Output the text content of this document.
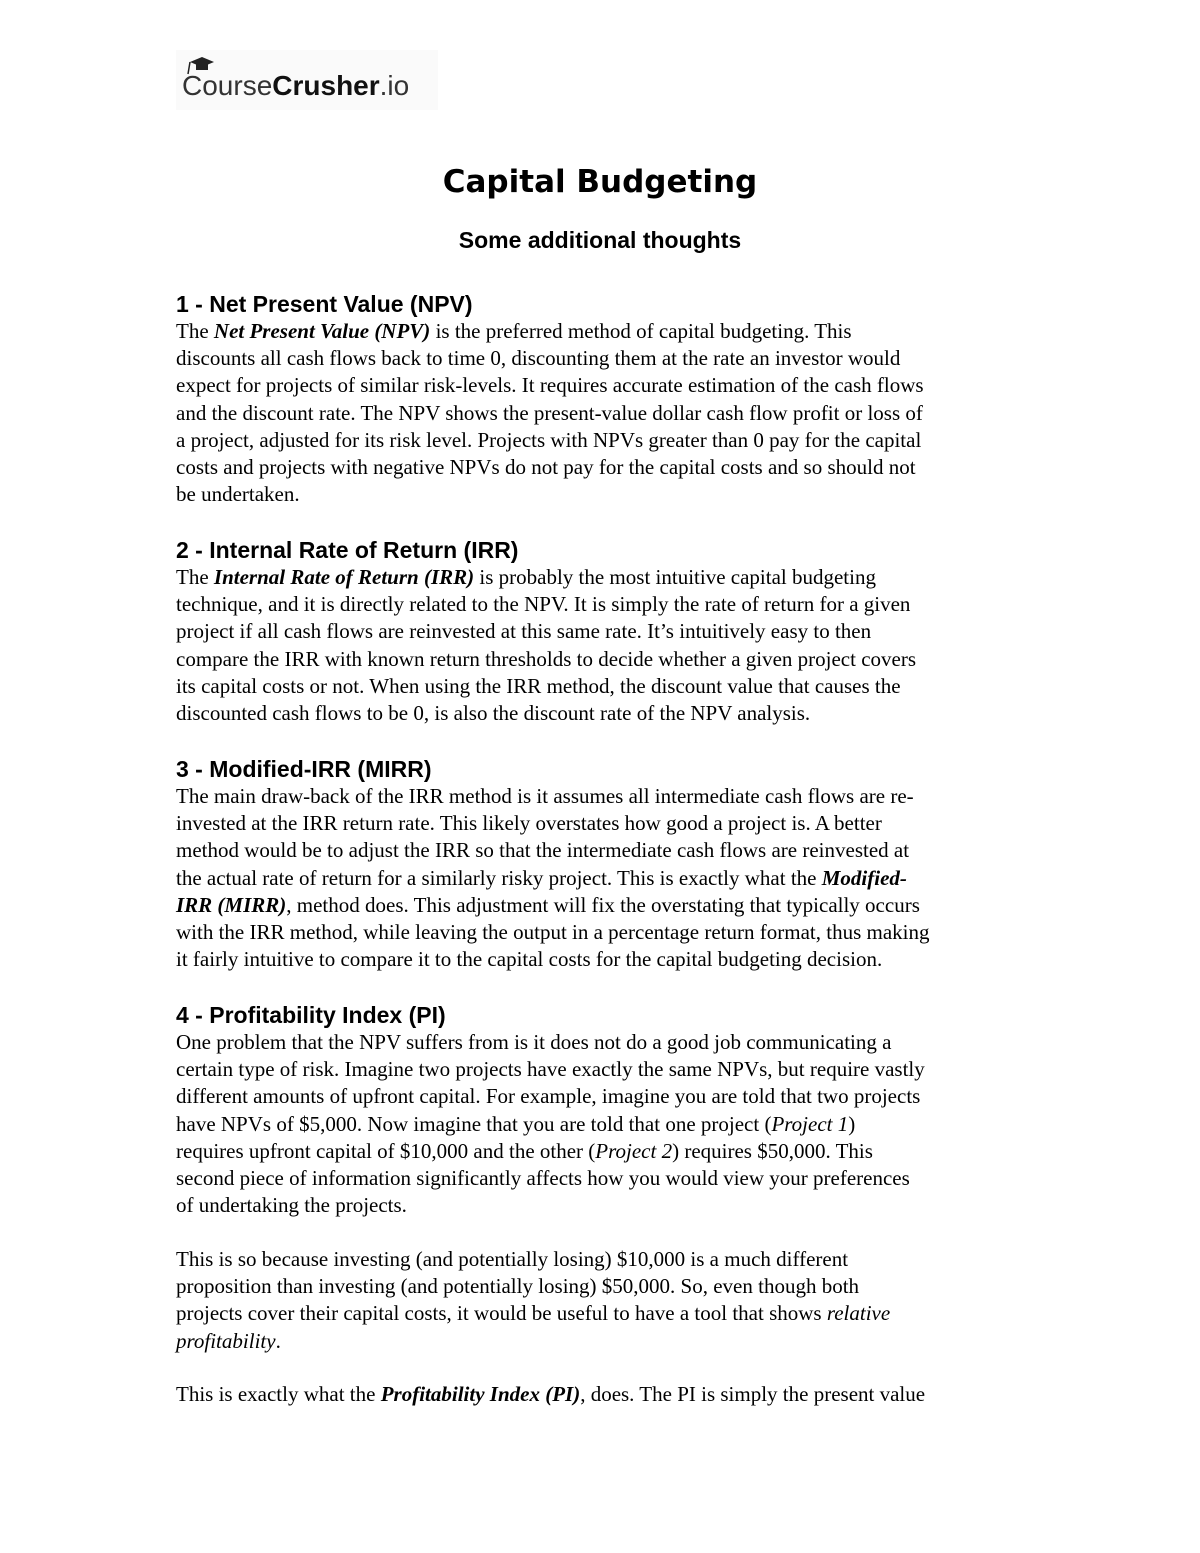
CourseCrusher.io
Capital Budgeting
Some additional thoughts
1 - Net Present Value (NPV)

The Net Present Value (NPV) is the preferred method of capital budgeting. This
discounts all cash flows back to time 0, discounting them at the rate an investor would
expect for projects of similar risk-levels. It requires accurate estimation of the cash flows
and the discount rate. The NPV shows the present-value dollar cash flow profit or loss of
a project, adjusted for its risk level. Projects with NPVs greater than 0 pay for the capital
costs and projects with negative NPVs do not pay for the capital costs and so should not
be undertaken.

2 - Internal Rate of Return (IRR)

The Internal Rate of Return (IRR) is probably the most intuitive capital budgeting
technique, and it is directly related to the NPV. It is simply the rate of return for a given
project if all cash flows are reinvested at this same rate. It’s intuitively easy to then
compare the IRR with known return thresholds to decide whether a given project covers
its capital costs or not. When using the IRR method, the discount value that causes the
discounted cash flows to be 0, is also the discount rate of the NPV analysis.

3 - Modified-IRR (MIRR)

The main draw-back of the IRR method is it assumes all intermediate cash flows are re-
invested at the IRR return rate. This likely overstates how good a project is. A better
method would be to adjust the IRR so that the intermediate cash flows are reinvested at
the actual rate of return for a similarly risky project. This is exactly what the Modified-
IRR (MIRR), method does. This adjustment will fix the overstating that typically occurs
with the IRR method, while leaving the output in a percentage return format, thus making
it fairly intuitive to compare it to the capital costs for the capital budgeting decision.

4 - Profitability Index (PI)

One problem that the NPV suffers from is it does not do a good job communicating a
certain type of risk. Imagine two projects have exactly the same NPVs, but require vastly
different amounts of upfront capital. For example, imagine you are told that two projects
have NPVs of $5,000. Now imagine that you are told that one project (Project 1)
requires upfront capital of $10,000 and the other (Project 2) requires $50,000. This
second piece of information significantly affects how you would view your preferences
of undertaking the projects.

This is so because investing (and potentially losing) $10,000 is a much different
proposition than investing (and potentially losing) $50,000. So, even though both
projects cover their capital costs, it would be useful to have a tool that shows relative
profitability.

This is exactly what the Profitability Index (PI), does. The PI is simply the present value
